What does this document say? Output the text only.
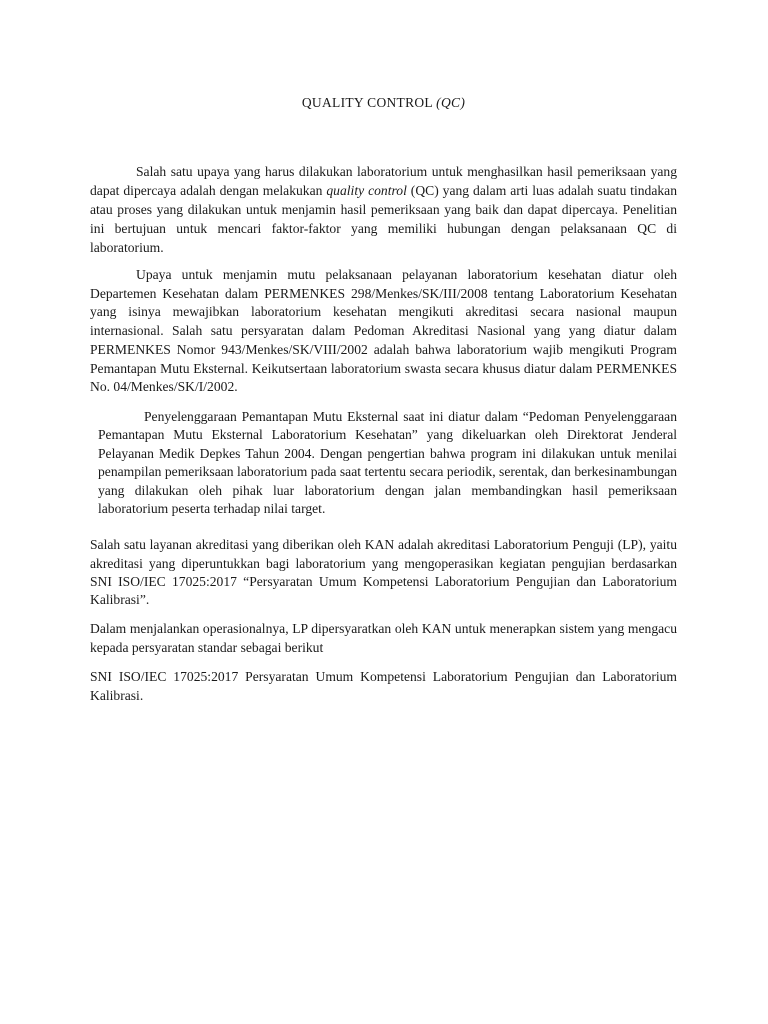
QUALITY CONTROL (QC)

Salah satu upaya yang harus dilakukan laboratorium untuk menghasilkan hasil pemeriksaan yang dapat dipercaya adalah dengan melakukan quality control (QC) yang dalam arti luas adalah suatu tindakan atau proses yang dilakukan untuk menjamin hasil pemeriksaan yang baik dan dapat dipercaya. Penelitian ini bertujuan untuk mencari faktor-faktor yang memiliki hubungan dengan pelaksanaan QC di laboratorium.

Upaya untuk menjamin mutu pelaksanaan pelayanan laboratorium kesehatan diatur oleh Departemen Kesehatan dalam PERMENKES 298/Menkes/SK/III/2008 tentang Laboratorium Kesehatan yang isinya mewajibkan laboratorium kesehatan mengikuti akreditasi secara nasional maupun internasional. Salah satu persyaratan dalam Pedoman Akreditasi Nasional yang yang diatur dalam PERMENKES Nomor 943/Menkes/SK/VIII/2002 adalah bahwa laboratorium wajib mengikuti Program Pemantapan Mutu Eksternal. Keikutsertaan laboratorium swasta secara khusus diatur dalam PERMENKES No. 04/Menkes/SK/I/2002.

Penyelenggaraan Pemantapan Mutu Eksternal saat ini diatur dalam “Pedoman Penyelenggaraan Pemantapan Mutu Eksternal Laboratorium Kesehatan” yang dikeluarkan oleh Direktorat Jenderal Pelayanan Medik Depkes Tahun 2004. Dengan pengertian bahwa program ini dilakukan untuk menilai penampilan pemeriksaan laboratorium pada saat tertentu secara periodik, serentak, dan berkesinambungan yang dilakukan oleh pihak luar laboratorium dengan jalan membandingkan hasil pemeriksaan laboratorium peserta terhadap nilai target.

Salah satu layanan akreditasi yang diberikan oleh KAN adalah akreditasi Laboratorium Penguji (LP), yaitu akreditasi yang diperuntukkan bagi laboratorium yang mengoperasikan kegiatan pengujian berdasarkan SNI ISO/IEC 17025:2017 “Persyaratan Umum Kompetensi Laboratorium Pengujian dan Laboratorium Kalibrasi”.

Dalam menjalankan operasionalnya, LP dipersyaratkan oleh KAN untuk menerapkan sistem yang mengacu kepada persyaratan standar sebagai berikut

SNI ISO/IEC 17025:2017 Persyaratan Umum Kompetensi Laboratorium Pengujian dan Laboratorium Kalibrasi.
